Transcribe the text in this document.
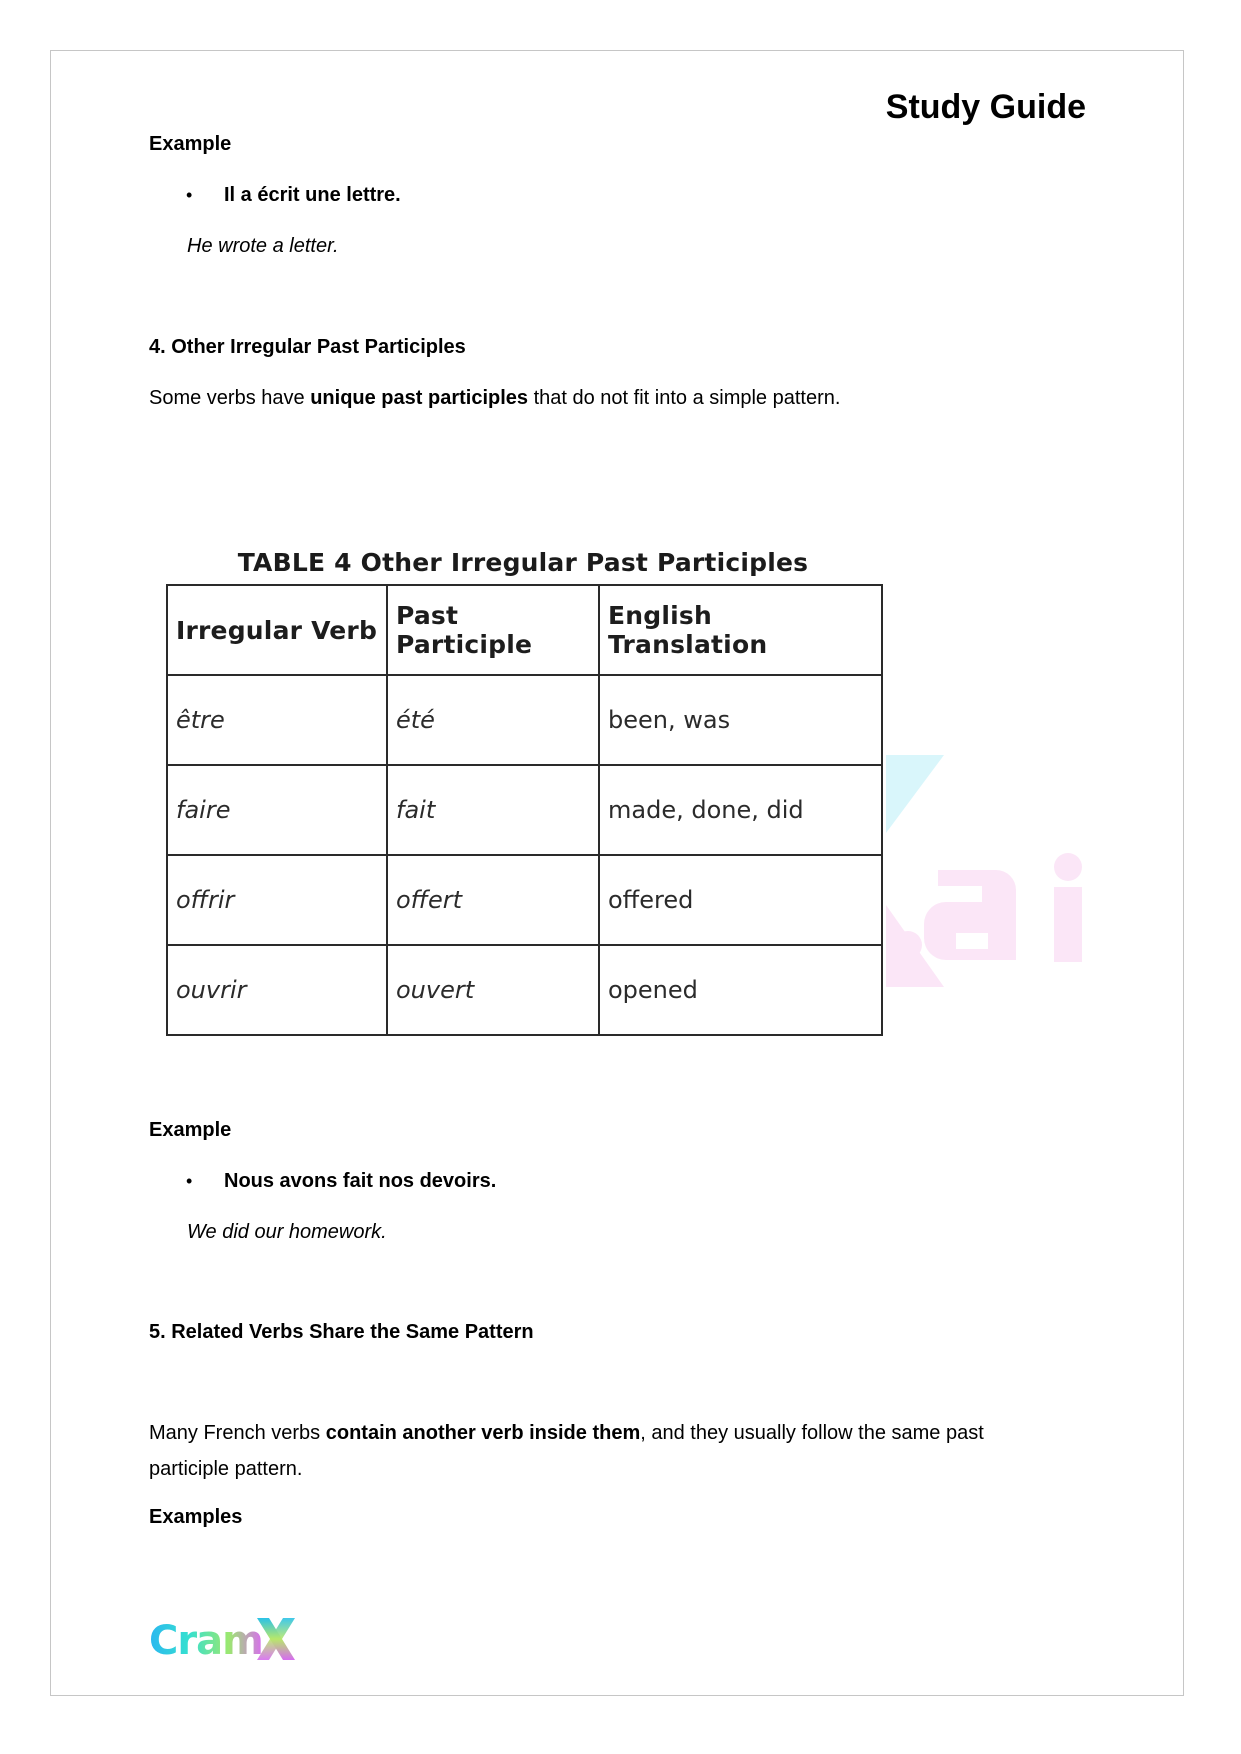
Study Guide
Example
• Il a écrit une lettre.
He wrote a letter.
4. Other Irregular Past Participles
Some verbs have unique past participles that do not fit into a simple pattern.
TABLE 4 Other Irregular Past Participles
Irregular Verb	Past Participle	English Translation
être	été	been, was
faire	fait	made, done, did
offrir	offert	offered
ouvrir	ouvert	opened
Example
• Nous avons fait nos devoirs.
We did our homework.
5. Related Verbs Share the Same Pattern
Many French verbs contain another verb inside them, and they usually follow the same past participle pattern.
Examples
Cram
